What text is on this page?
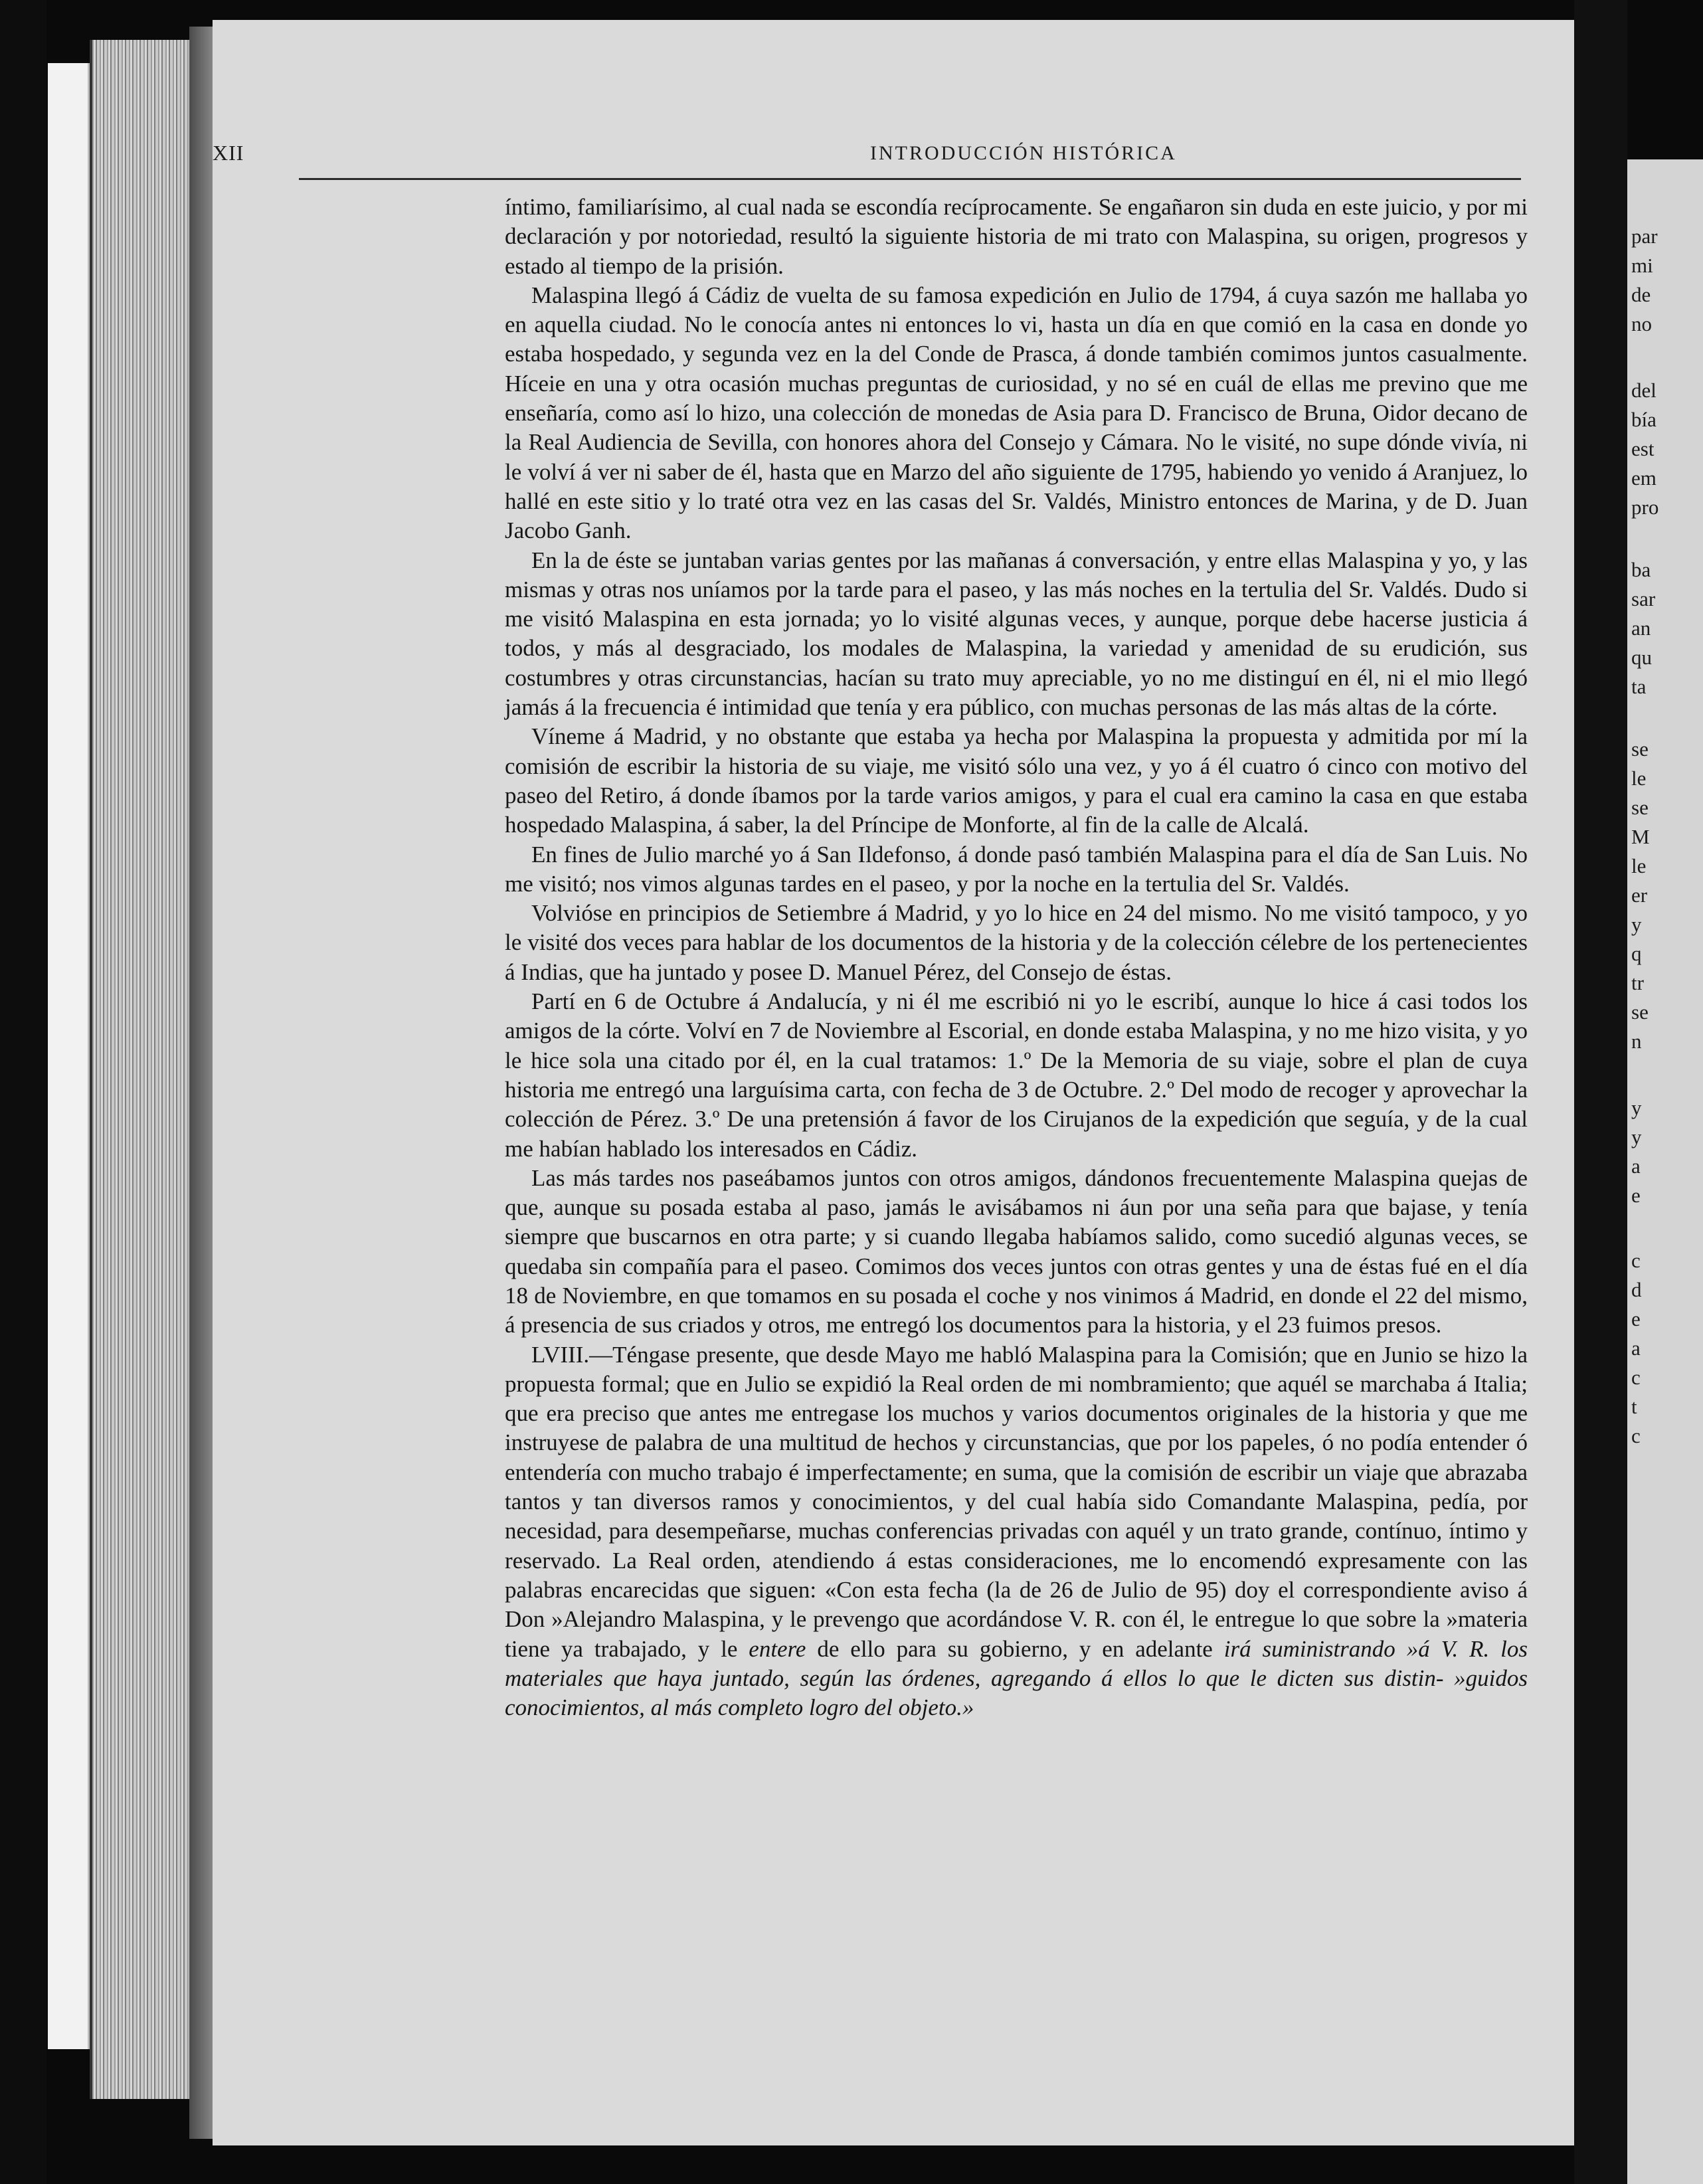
par
mi
de
no
del
bía
est
em
pro
ba
sar
an
qu
ta
se
le
se
M
le
er
y
q
tr
se
n
y
y
a
e
c
d
e
a
c
t
c
XII	INTRODUCCIÓN HISTÓRICA

íntimo, familiarísimo, al cual nada se escondía recíprocamente. Se engañaron sin duda en este juicio, y por mi declaración y por notoriedad, resultó la siguiente historia de mi trato con Malaspina, su origen, progresos y estado al tiempo de la prisión.

Malaspina llegó á Cádiz de vuelta de su famosa expedición en Julio de 1794, á cuya sazón me hallaba yo en aquella ciudad. No le conocía antes ni entonces lo vi, hasta un día en que comió en la casa en donde yo estaba hospedado, y segunda vez en la del Conde de Prasca, á donde también comimos juntos casualmente. Híceie en una y otra ocasión muchas preguntas de curiosidad, y no sé en cuál de ellas me previno que me enseñaría, como así lo hizo, una colección de monedas de Asia para D. Francisco de Bruna, Oidor decano de la Real Audiencia de Sevilla, con honores ahora del Consejo y Cámara. No le visité, no supe dónde vivía, ni le volví á ver ni saber de él, hasta que en Marzo del año siguiente de 1795, habiendo yo venido á Aranjuez, lo hallé en este sitio y lo traté otra vez en las casas del Sr. Valdés, Ministro entonces de Marina, y de D. Juan Jacobo Ganh.

En la de éste se juntaban varias gentes por las mañanas á conversación, y entre ellas Malaspina y yo, y las mismas y otras nos uníamos por la tarde para el paseo, y las más noches en la tertulia del Sr. Valdés. Dudo si me visitó Malaspina en esta jornada; yo lo visité algunas veces, y aunque, porque debe hacerse justicia á todos, y más al desgraciado, los modales de Malaspina, la variedad y amenidad de su erudición, sus costumbres y otras circunstancias, hacían su trato muy apreciable, yo no me distinguí en él, ni el mio llegó jamás á la frecuencia é intimidad que tenía y era público, con muchas personas de las más altas de la córte.

Víneme á Madrid, y no obstante que estaba ya hecha por Malaspina la propuesta y admitida por mí la comisión de escribir la historia de su viaje, me visitó sólo una vez, y yo á él cuatro ó cinco con motivo del paseo del Retiro, á donde íbamos por la tarde varios amigos, y para el cual era camino la casa en que estaba hospedado Malaspina, á saber, la del Príncipe de Monforte, al fin de la calle de Alcalá.

En fines de Julio marché yo á San Ildefonso, á donde pasó también Malaspina para el día de San Luis. No me visitó; nos vimos algunas tardes en el paseo, y por la noche en la tertulia del Sr. Valdés.

Volvióse en principios de Setiembre á Madrid, y yo lo hice en 24 del mismo. No me visitó tampoco, y yo le visité dos veces para hablar de los documentos de la historia y de la colección célebre de los pertenecientes á Indias, que ha juntado y posee D. Manuel Pérez, del Consejo de éstas.

Partí en 6 de Octubre á Andalucía, y ni él me escribió ni yo le escribí, aunque lo hice á casi todos los amigos de la córte. Volví en 7 de Noviembre al Escorial, en donde estaba Malaspina, y no me hizo visita, y yo le hice sola una citado por él, en la cual tratamos: 1.º De la Memoria de su viaje, sobre el plan de cuya historia me entregó una larguísima carta, con fecha de 3 de Octubre. 2.º Del modo de recoger y aprovechar la colección de Pérez. 3.º De una pretensión á favor de los Cirujanos de la expedición que seguía, y de la cual me habían hablado los interesados en Cádiz.

Las más tardes nos paseábamos juntos con otros amigos, dándonos frecuentemente Malaspina quejas de que, aunque su posada estaba al paso, jamás le avisábamos ni áun por una seña para que bajase, y tenía siempre que buscarnos en otra parte; y si cuando llegaba habíamos salido, como sucedió algunas veces, se quedaba sin compañía para el paseo. Comimos dos veces juntos con otras gentes y una de éstas fué en el día 18 de Noviembre, en que tomamos en su posada el coche y nos vinimos á Madrid, en donde el 22 del mismo, á presencia de sus criados y otros, me entregó los documentos para la historia, y el 23 fuimos presos.

LVIII.—Téngase presente, que desde Mayo me habló Malaspina para la Comisión; que en Junio se hizo la propuesta formal; que en Julio se expidió la Real orden de mi nombramiento; que aquél se marchaba á Italia; que era preciso que antes me entregase los muchos y varios documentos originales de la historia y que me instruyese de palabra de una multitud de hechos y circunstancias, que por los papeles, ó no podía entender ó entendería con mucho trabajo é imperfectamente; en suma, que la comisión de escribir un viaje que abrazaba tantos y tan diversos ramos y conocimientos, y del cual había sido Comandante Malaspina, pedía, por necesidad, para desempeñarse, muchas conferencias privadas con aquél y un trato grande, contínuo, íntimo y reservado. La Real orden, atendiendo á estas consideraciones, me lo encomendó expresamente con las palabras encarecidas que siguen: «Con esta fecha (la de 26 de Julio de 95) doy el correspondiente aviso á Don »Alejandro Malaspina, y le prevengo que acordándose V. R. con él, le entregue lo que sobre la »materia tiene ya trabajado, y le entere de ello para su gobierno, y en adelante irá suministrando »á V. R. los materiales que haya juntado, según las órdenes, agregando á ellos lo que le dicten sus distin- »guidos conocimientos, al más completo logro del objeto.»
